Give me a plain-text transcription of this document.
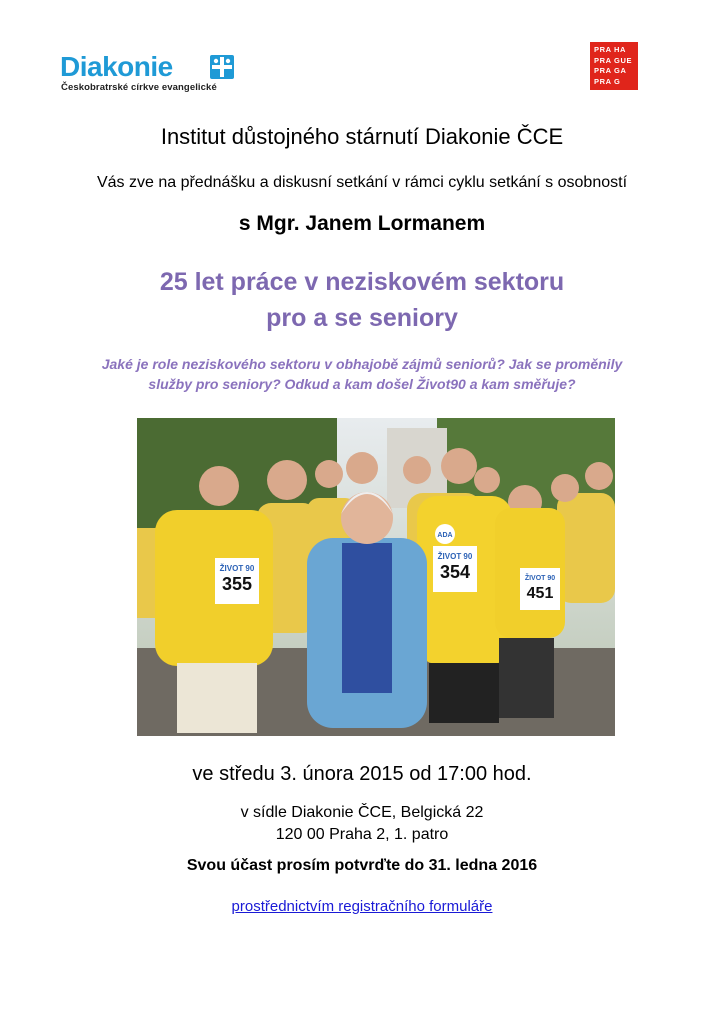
Diakonie
Českobratrské církve evangelické
PRA HA
PRA GUE
PRA GA
PRA G
Institut důstojného stárnutí Diakonie ČCE
Vás zve na přednášku a diskusní setkání v rámci cyklu setkání s osobností
s Mgr. Janem Lormanem
25 let práce v neziskovém sektoru
pro a se seniory
Jaké je role neziskového sektoru v obhajobě zájmů seniorů? Jak se proměnily
služby pro seniory? Odkud a kam došel Život90 a kam směřuje?
ŽIVOT 90
355
ŽIVOT 90
354	ŽIVOT 90
451
ADA
ve středu 3. února 2015 od 17:00 hod.
v sídle Diakonie ČCE, Belgická 22
120 00 Praha 2, 1. patro
Svou účast prosím potvrďte do 31. ledna 2016
prostřednictvím registračního formuláře
